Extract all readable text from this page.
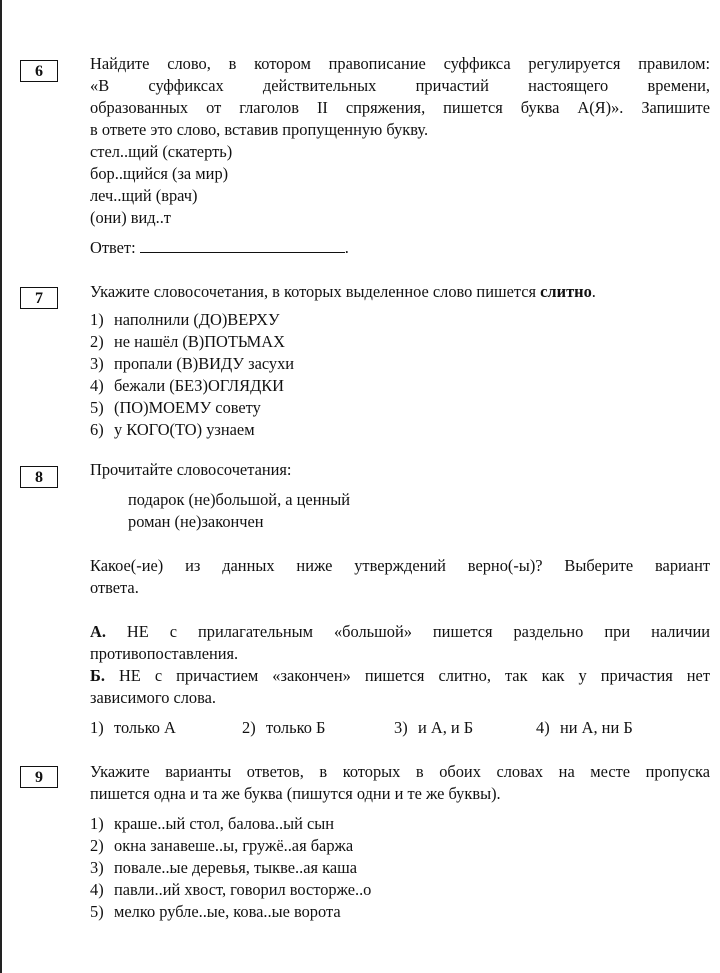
6	Найдите слово, в котором правописание суффикса регулируется правилом:

«В суффиксах действительных причастий настоящего времени,

образованных от глаголов II спряжения, пишется буква А(Я)». Запишите

в ответе это слово, вставив пропущенную букву.

стел..щий (скатерть)

бор..щийся (за мир)

леч..щий (врач)

(они) вид..т

Ответ:	.

7	Укажите словосочетания, в которых выделенное слово пишется слитно.

1) наполнили (ДО)ВЕРХУ
2) не нашёл (В)ПОТЬМАХ
3) пропали (В)ВИДУ засухи
4) бежали (БЕЗ)ОГЛЯДКИ
5) (ПО)МОЕМУ совету
6) у КОГО(ТО) узнаем
8	Прочитайте словосочетания:

подарок (не)большой, а ценный

роман (не)закончен

Какое(-ие) из данных ниже утверждений верно(-ы)? Выберите вариант

ответа.

А. НЕ с прилагательным «большой» пишется раздельно при наличии

противопоставления.

Б. НЕ с причастием «закончен» пишется слитно, так как у причастия нет

зависимого слова.

1) только А	2) только Б	3) и А, и Б	4) ни А, ни Б
9	Укажите варианты ответов, в которых в обоих словах на месте пропуска

пишется одна и та же буква (пишутся одни и те же буквы).

1) краше..ый стол, балова..ый сын
2) окна занавеше..ы, гружё..ая баржа
3) повале..ые деревья, тыкве..ая каша
4) павли..ий хвост, говорил восторже..о
5) мелко рубле..ые, кова..ые ворота
